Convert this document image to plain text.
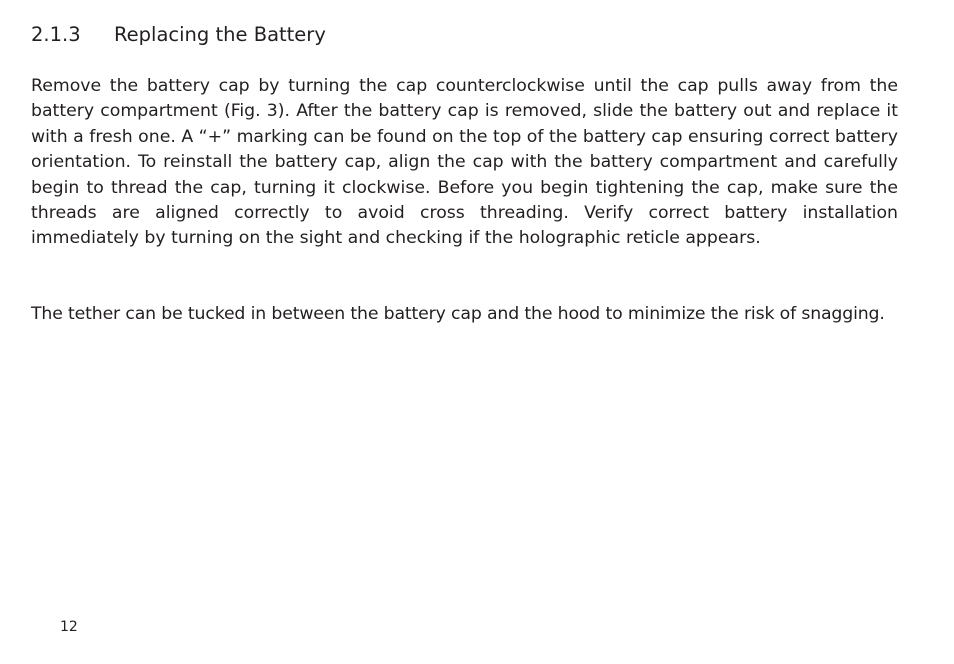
2.1.3 Replacing the Battery

Remove the battery cap by turning the cap counterclockwise until the cap pulls away from the battery compartment (Fig. 3). After the battery cap is removed, slide the battery out and replace it with a fresh one. A “+” marking can be found on the top of the battery cap ensuring correct battery orientation. To reinstall the battery cap, align the cap with the battery compartment and carefully begin to thread the cap, turning it clockwise. Before you begin tightening the cap, make sure the threads are aligned correctly to avoid cross threading. Verify correct battery installation immediately by turning on the sight and checking if the holographic reticle appears.

The tether can be tucked in between the battery cap and the hood to minimize the risk of snagging.

12
